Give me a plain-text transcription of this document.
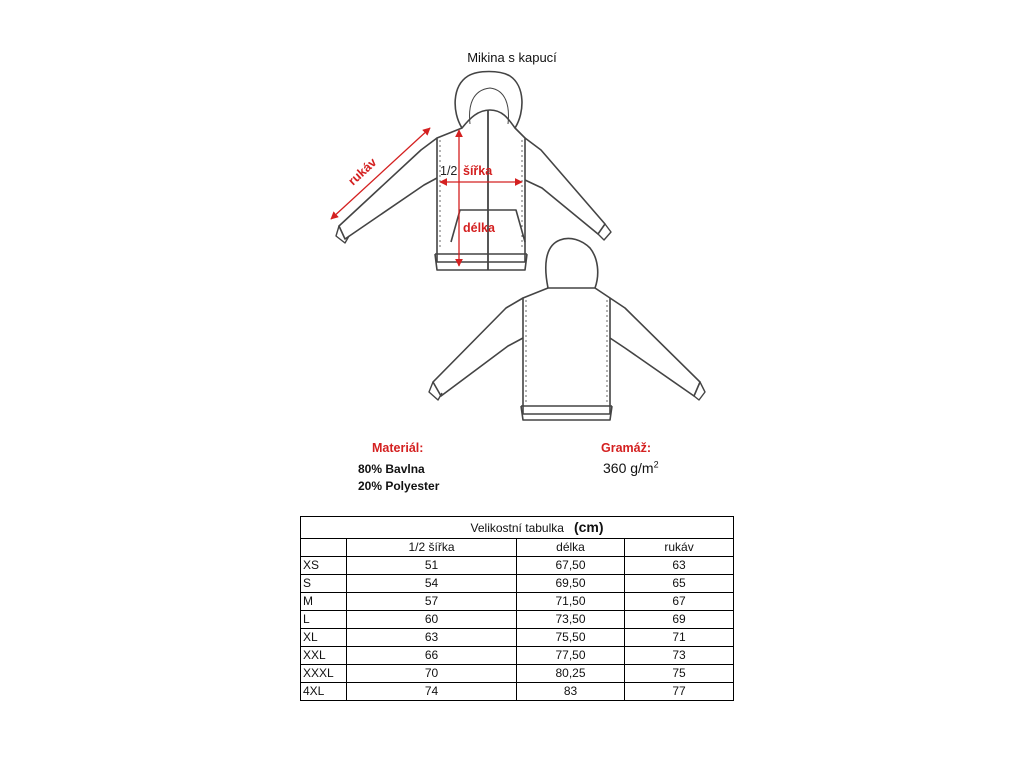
Mikina s kapucí
rukáv	1/2 šířka
délka
Materiál:
80% Bavlna
20% Polyester
Gramáž:
360 $g/m^2$
Velikostní tabulka (cm)			
	1/2 šířka	délka	rukáv
XS	51	67,50	63
S	54	69,50	65
M	57	71,50	67
L	60	73,50	69
XL	63	75,50	71
XXL	66	77,50	73
XXXL	70	80,25	75
4XL	74	83	77
